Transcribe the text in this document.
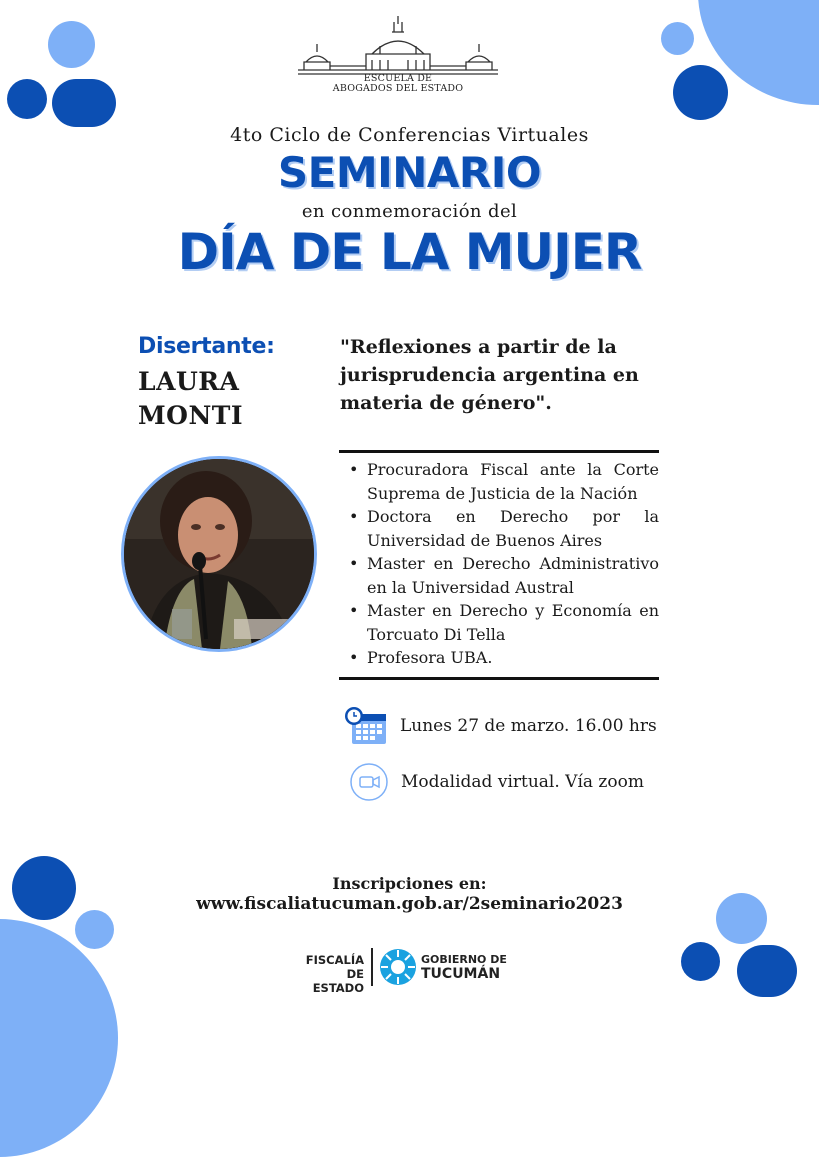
ESCUELA DE
ABOGADOS DEL ESTADO
4to Ciclo de Conferencias Virtuales
SEMINARIO
en conmemoración del
DÍA DE LA MUJER
Disertante:
LAURA
MONTI
"Reflexiones a partir de la jurisprudencia argentina en materia de género".
• Procuradora Fiscal ante la Corte Suprema de Justicia de la Nación
• Doctora en Derecho por la Universidad de Buenos Aires
• Master en Derecho Administrativo en la Universidad Austral
• Master en Derecho y Economía en Torcuato Di Tella
• Profesora UBA.
Lunes 27 de marzo. 16.00 hrs
Modalidad virtual. Vía zoom
Inscripciones en:
www.fiscaliatucuman.gob.ar/2seminario2023
FISCALÍA DE
ESTADO
GOBIERNO DE
TUCUMÁN
